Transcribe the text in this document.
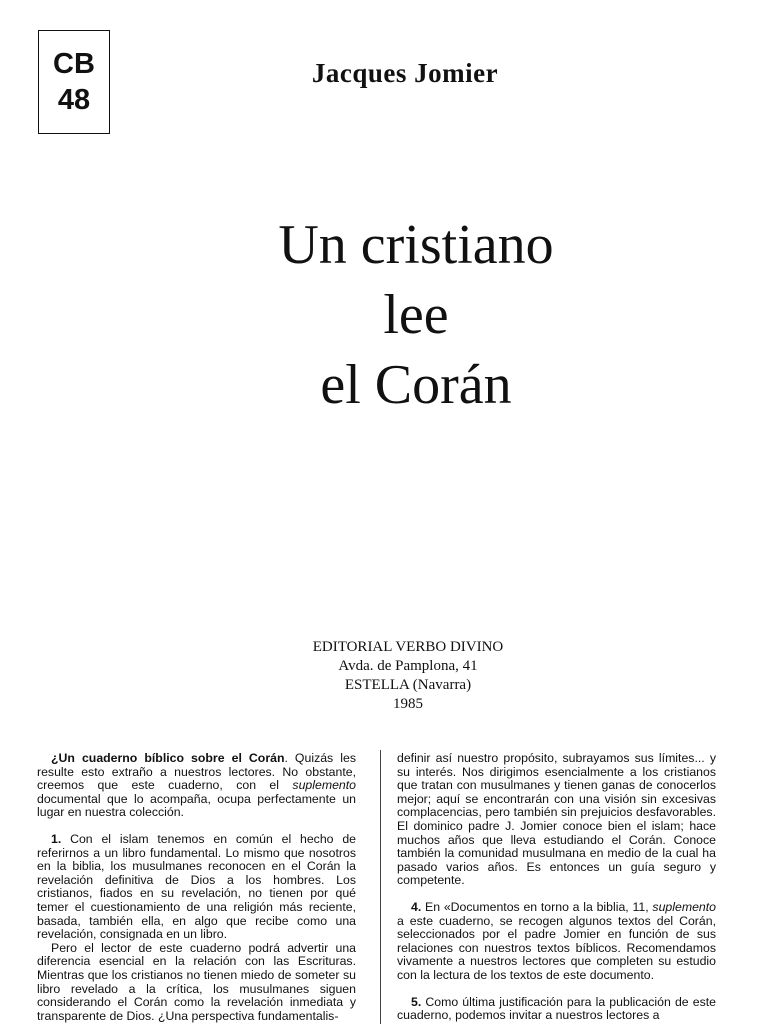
CB
48
Jacques Jomier
Un cristiano
lee
el Corán
EDITORIAL VERBO DIVINO
Avda. de Pamplona, 41
ESTELLA (Navarra)
1985

¿Un cuaderno bíblico sobre el Corán. Quizás les resulte esto extraño a nuestros lectores. No obstante, creemos que este cuaderno, con el suplemento documental que lo acompaña, ocupa perfectamente un lugar en nuestra colección.

1. Con el islam tenemos en común el hecho de referirnos a un libro fundamental. Lo mismo que nosotros en la biblia, los musulmanes reconocen en el Corán la revelación definitiva de Dios a los hombres. Los cristianos, fiados en su revelación, no tienen por qué temer el cuestionamiento de una religión más reciente, basada, también ella, en algo que recibe como una revelación, consignada en un libro.

Pero el lector de este cuaderno podrá advertir una diferencia esencial en la relación con las Escrituras. Mientras que los cristianos no tienen miedo de someter su libro revelado a la crítica, los musulmanes siguen considerando el Corán como la revelación inmediata y transparente de Dios. ¿Una perspectiva fundamentalis-

definir así nuestro propósito, subrayamos sus límites... y su interés. Nos dirigimos esencialmente a los cristianos que tratan con musulmanes y tienen ganas de conocerlos mejor; aquí se encontrarán con una visión sin excesivas complacencias, pero también sin prejuicios desfavorables. El dominico padre J. Jomier conoce bien el islam; hace muchos años que lleva estudiando el Corán. Conoce también la comunidad musulmana en medio de la cual ha pasado varios años. Es entonces un guía seguro y competente.

4. En «Documentos en torno a la biblia, 11, suplemento a este cuaderno, se recogen algunos textos del Corán, seleccionados por el padre Jomier en función de sus relaciones con nuestros textos bíblicos. Recomendamos vivamente a nuestros lectores que completen su estudio con la lectura de los textos de este documento.

5. Como última justificación para la publicación de este cuaderno, podemos invitar a nuestros lectores a
